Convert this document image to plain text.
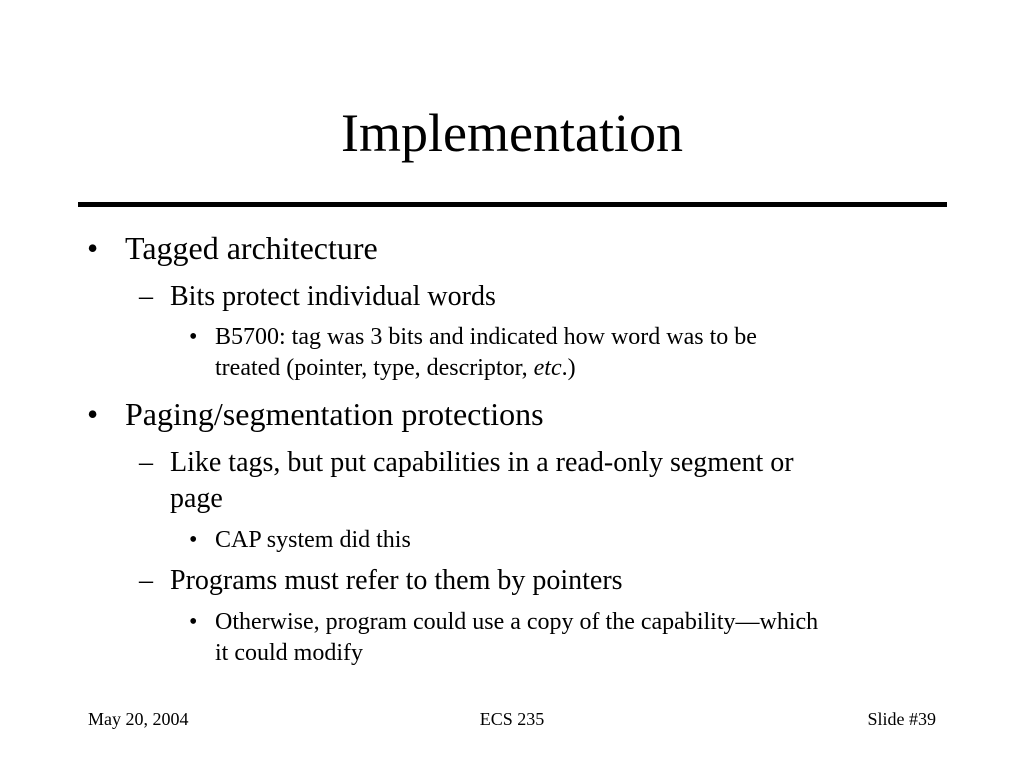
Implementation
• Tagged architecture
– Bits protect individual words
• B5700: tag was 3 bits and indicated how word was to be
treated (pointer, type, descriptor, etc.)
• Paging/segmentation protections
– Like tags, but put capabilities in a read-only segment or
page
• CAP system did this
– Programs must refer to them by pointers
• Otherwise, program could use a copy of the capability—which
it could modify
May 20, 2004	ECS 235	Slide #39
